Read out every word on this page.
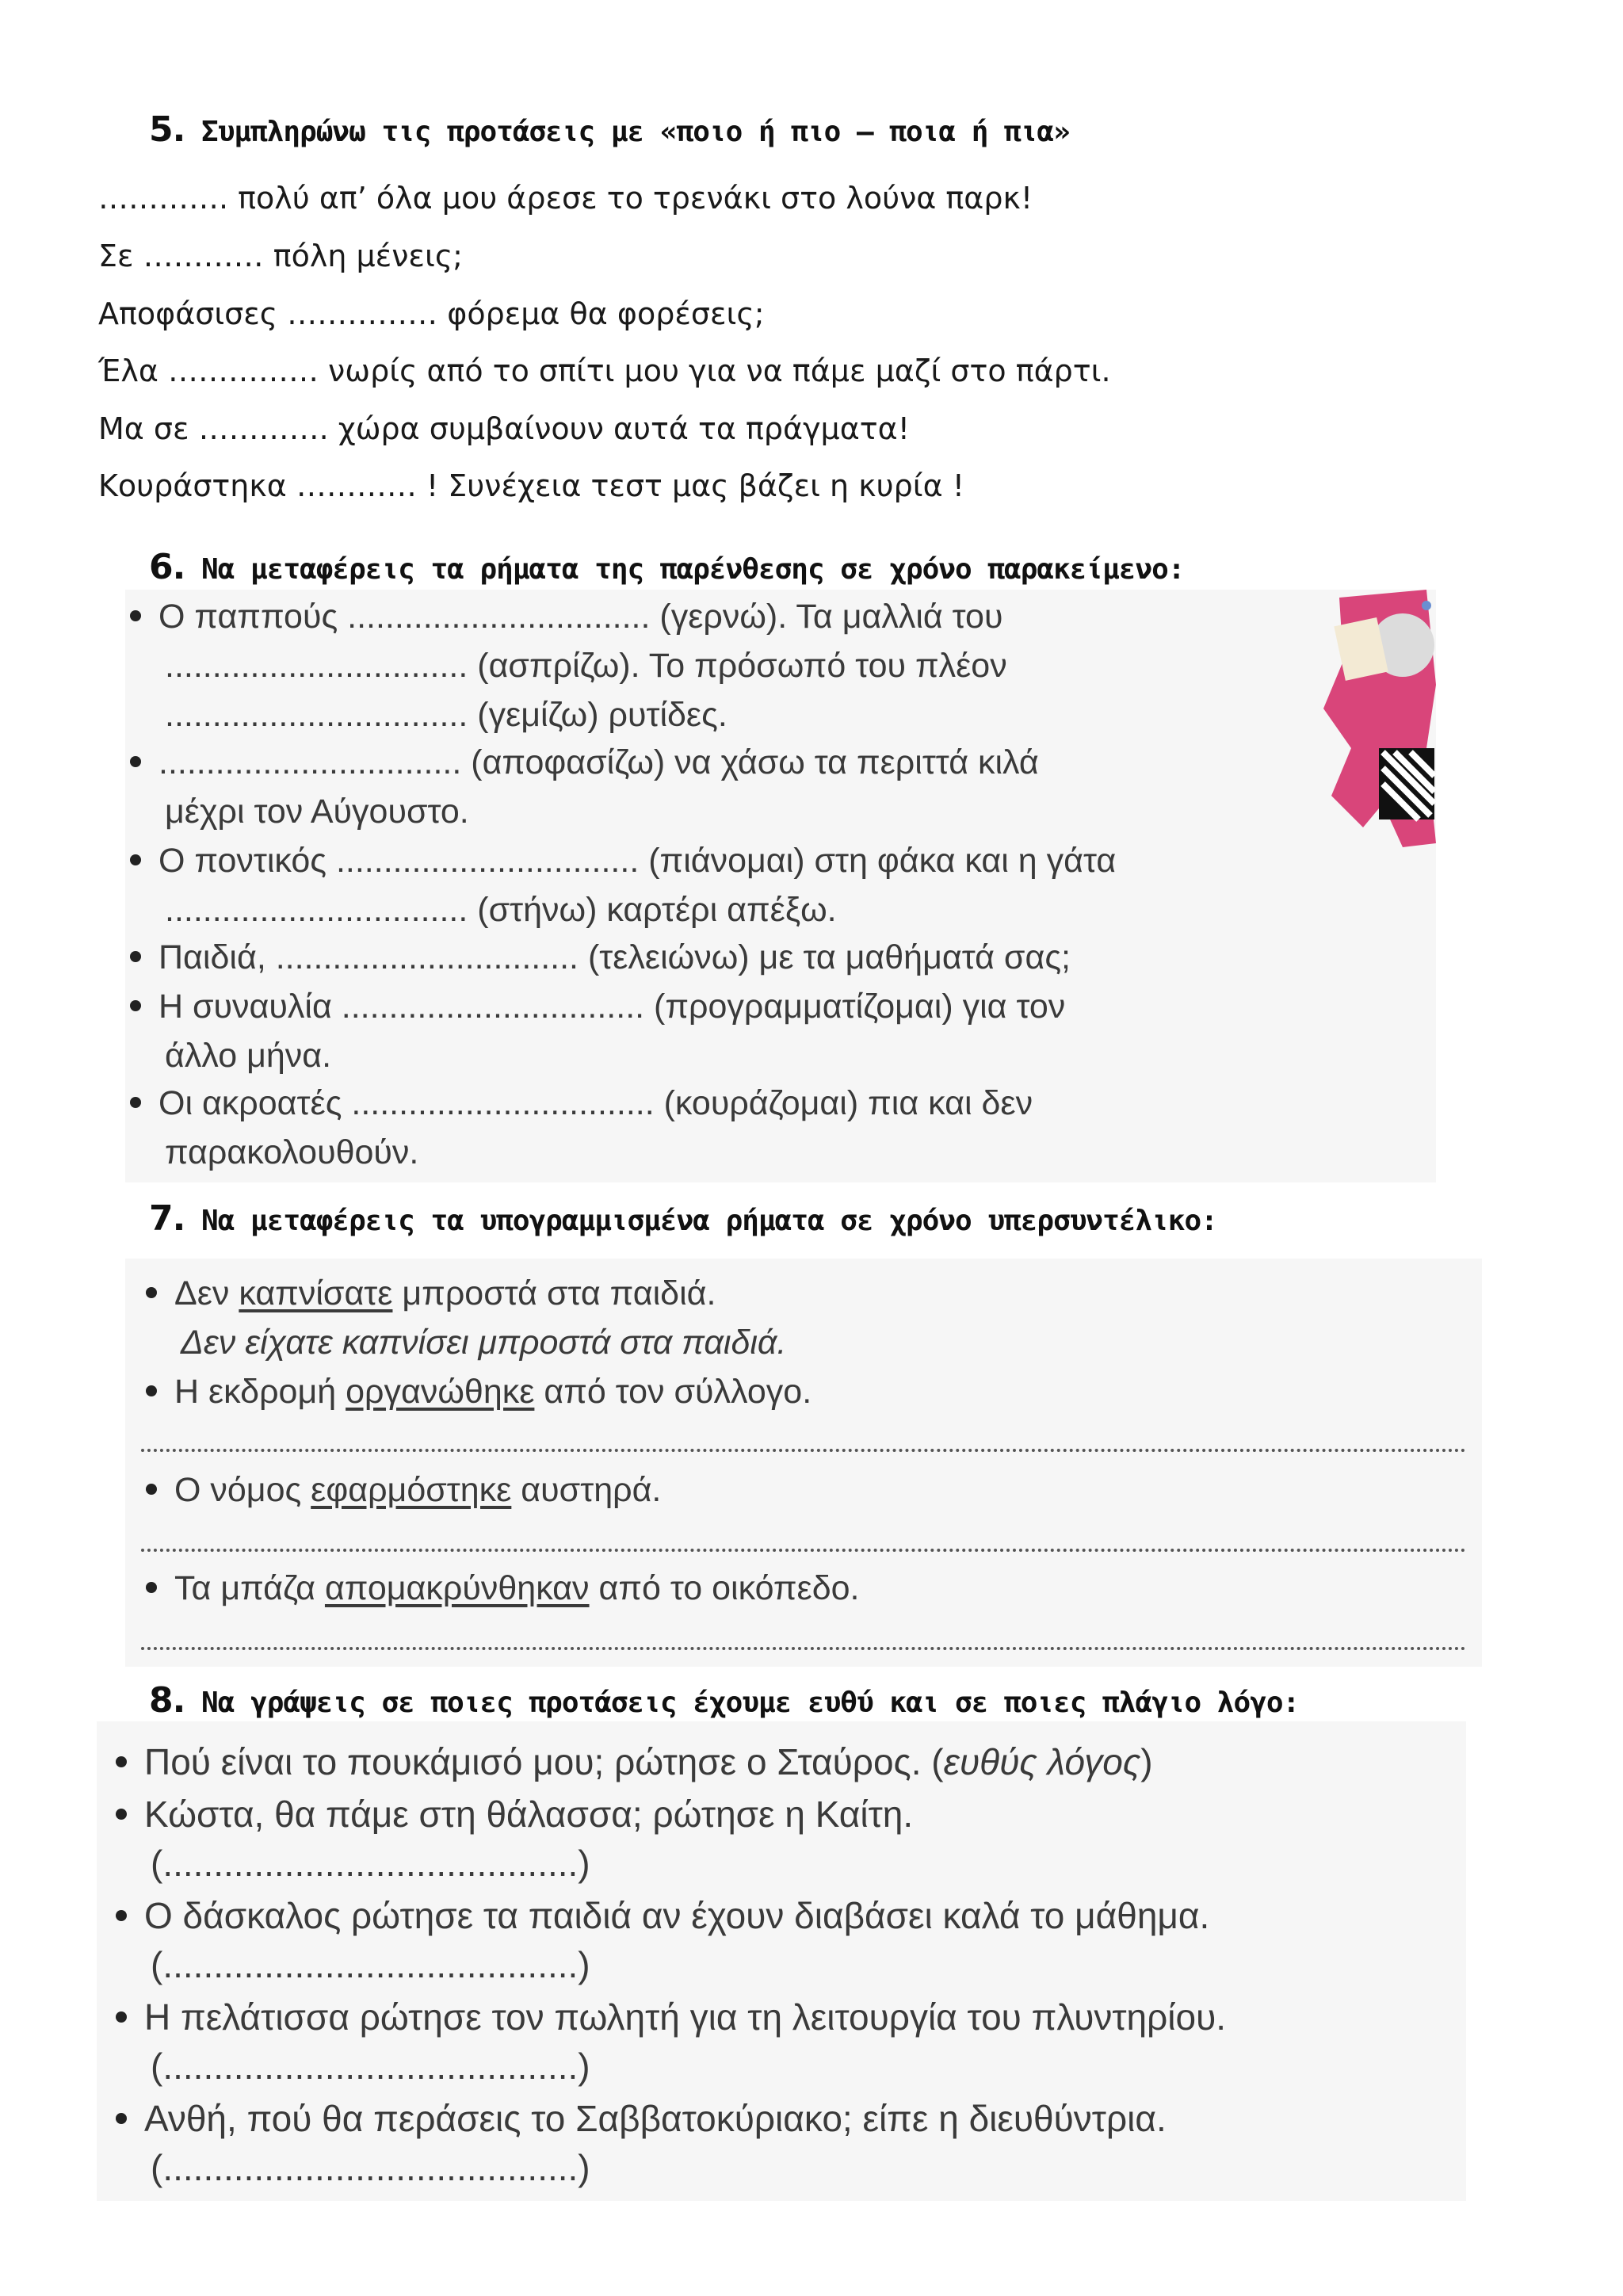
5. Συμπληρώνω τις προτάσεις με «ποιο ή πιο – ποια ή πια»
…………. πολύ απ’ όλα μου άρεσε το τρενάκι στο λούνα παρκ!
Σε ………… πόλη μένεις;
Αποφάσισες …………… φόρεμα θα φορέσεις;
Έλα …………… νωρίς από το σπίτι μου για να πάμε μαζί στο πάρτι.
Μα σε …………. χώρα συμβαίνουν αυτά τα πράγματα!
Κουράστηκα ………… ! Συνέχεια τεστ μας βάζει η κυρία !
6. Να μεταφέρεις τα ρήματα της παρένθεσης σε χρόνο παρακείμενο:
Ο παππούς ................................ (γερνώ). Τα μαλλιά του
................................ (ασπρίζω). Το πρόσωπό του πλέον
................................ (γεμίζω) ρυτίδες.
................................ (αποφασίζω) να χάσω τα περιττά κιλά
μέχρι τον Αύγουστο.
Ο ποντικός ................................ (πιάνομαι) στη φάκα και η γάτα
................................ (στήνω) καρτέρι απέξω.
Παιδιά, ................................ (τελειώνω) με τα μαθήματά σας;
Η συναυλία ................................ (προγραμματίζομαι) για τον
άλλο μήνα.
Οι ακροατές ................................ (κουράζομαι) πια και δεν
παρακολουθούν.
7. Να μεταφέρεις τα υπογραμμισμένα ρήματα σε χρόνο υπερσυντέλικο:
Δεν καπνίσατε μπροστά στα παιδιά.
Δεν είχατε καπνίσει μπροστά στα παιδιά.
Η εκδρομή οργανώθηκε από τον σύλλογο.
Ο νόμος εφαρμόστηκε αυστηρά.
Τα μπάζα απομακρύνθηκαν από το οικόπεδο.
8. Να γράψεις σε ποιες προτάσεις έχουμε ευθύ και σε ποιες πλάγιο λόγο:
Πού είναι το πουκάμισό μου; ρώτησε ο Σταύρος. (ευθύς λόγος)
Κώστα, θα πάμε στη θάλασσα; ρώτησε η Καίτη.
(.........................................)
Ο δάσκαλος ρώτησε τα παιδιά αν έχουν διαβάσει καλά το μάθημα.
(.........................................)
Η πελάτισσα ρώτησε τον πωλητή για τη λειτουργία του πλυντηρίου.
(.........................................)
Ανθή, πού θα περάσεις το Σαββατοκύριακο; είπε η διευθύντρια.
(.........................................)
